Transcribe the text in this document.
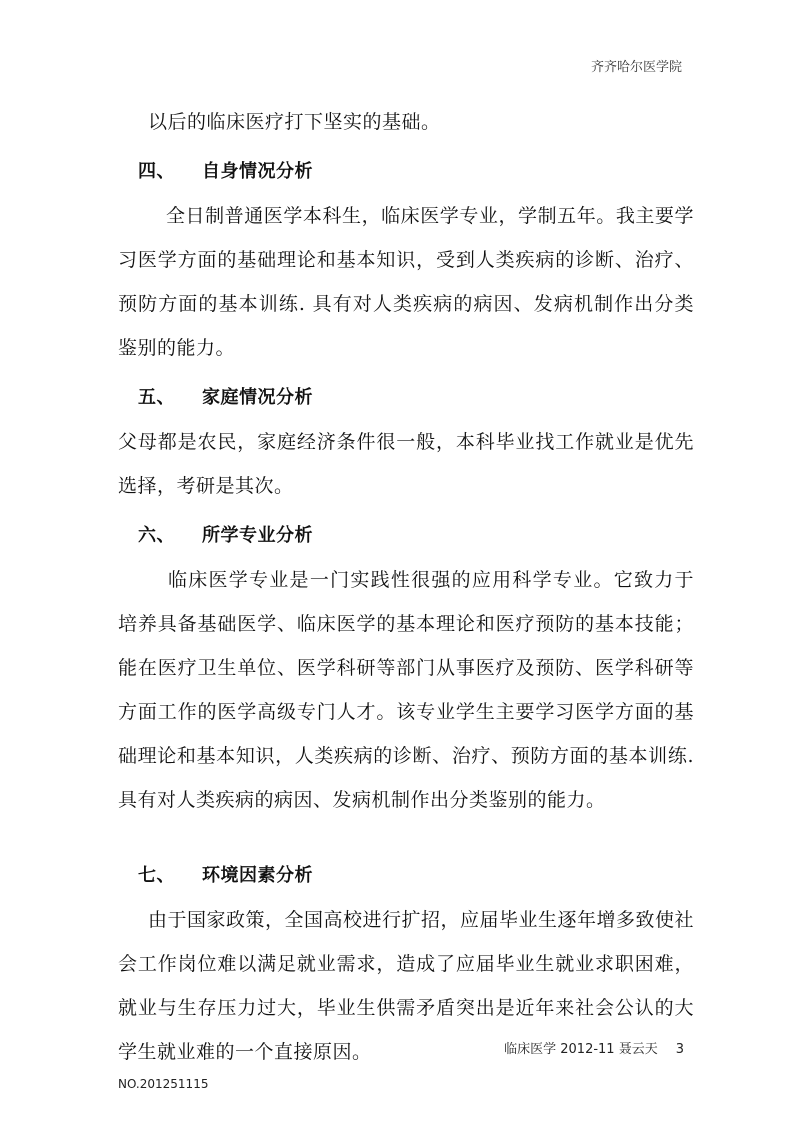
齐齐哈尔医学院

以后的临床医疗打下坚实的基础。

四、 自身情况分析

全日制普通医学本科生，临床医学专业，学制五年。我主要学习医学方面的基础理论和基本知识，受到人类疾病的诊断、治疗、预防方面的基本训练. 具有对人类疾病的病因、发病机制作出分类鉴别的能力。

五、 家庭情况分析

父母都是农民，家庭经济条件很一般，本科毕业找工作就业是优先选择，考研是其次。

六、 所学专业分析

临床医学专业是一门实践性很强的应用科学专业。它致力于培养具备基础医学、临床医学的基本理论和医疗预防的基本技能；能在医疗卫生单位、医学科研等部门从事医疗及预防、医学科研等方面工作的医学高级专门人才。该专业学生主要学习医学方面的基础理论和基本知识，人类疾病的诊断、治疗、预防方面的基本训练. 具有对人类疾病的病因、发病机制作出分类鉴别的能力。

七、 环境因素分析

由于国家政策，全国高校进行扩招，应届毕业生逐年增多致使社会工作岗位难以满足就业需求，造成了应届毕业生就业求职困难，就业与生存压力过大，毕业生供需矛盾突出是近年来社会公认的大学生就业难的一个直接原因。	临床医学 2012-11 聂云天 3
NO.201251115
